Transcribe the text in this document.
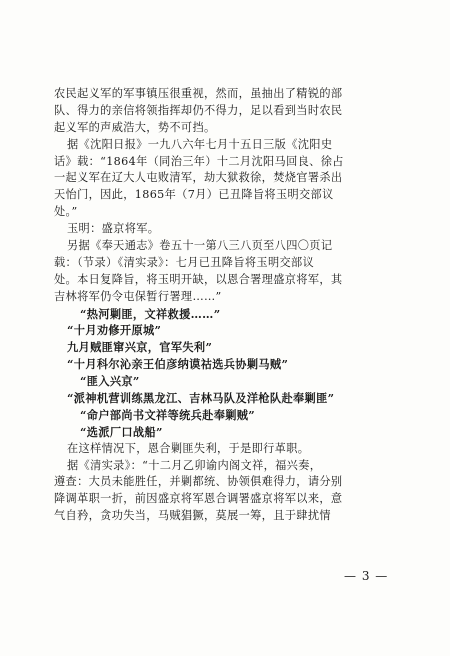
农民起义军的军事镇压很重视，然而，虽抽出了精锐的部
队、得力的亲信将领指挥却仍不得力，足以看到当时农民
起义军的声威浩大，势不可挡。
据《沈阳日报》一九八六年七月十五日三版《沈阳史
话》载：“1864年（同治三年）十二月沈阳马回良、徐占
一起义军在辽大人屯败清军，劫大狱救徐，焚烧官署杀出
天怡门，因此，1865年（7月）已丑降旨将玉明交部议
处。”
玉明：盛京将军。
另据《奉天通志》卷五十一第八三八页至八四〇页记
载：（节录）《清实录》：七月已丑降旨将玉明交部议
处。本日复降旨，将玉明开缺，以恩合署理盛京将军，其
吉林将军仍令屯保暂行署理……”
“热河剿匪，文祥救援……”
“十月劝修开原城”
九月贼匪窜兴京，官军失利”
“十月科尔沁亲王伯彦纳谟祜选兵协剿马贼”
“匪入兴京”
“派神机营训练黑龙江、吉林马队及洋枪队赴奉剿匪”
“命户部尚书文祥等统兵赴奉剿贼”
“选派厂口战船”
在这样情况下，恩合剿匪失利，于是即行革职。
据《清实录》：“十二月乙卯谕内阁文祥，福兴奏，
遵查：大员未能胜任，并剿都统、协领俱难得力，请分别
降调革职一折，前因盛京将军恩合调署盛京将军以来，意
气自矜，贪功失当，马贼猖獗，莫展一筹，且于肆扰情
— 3 —
